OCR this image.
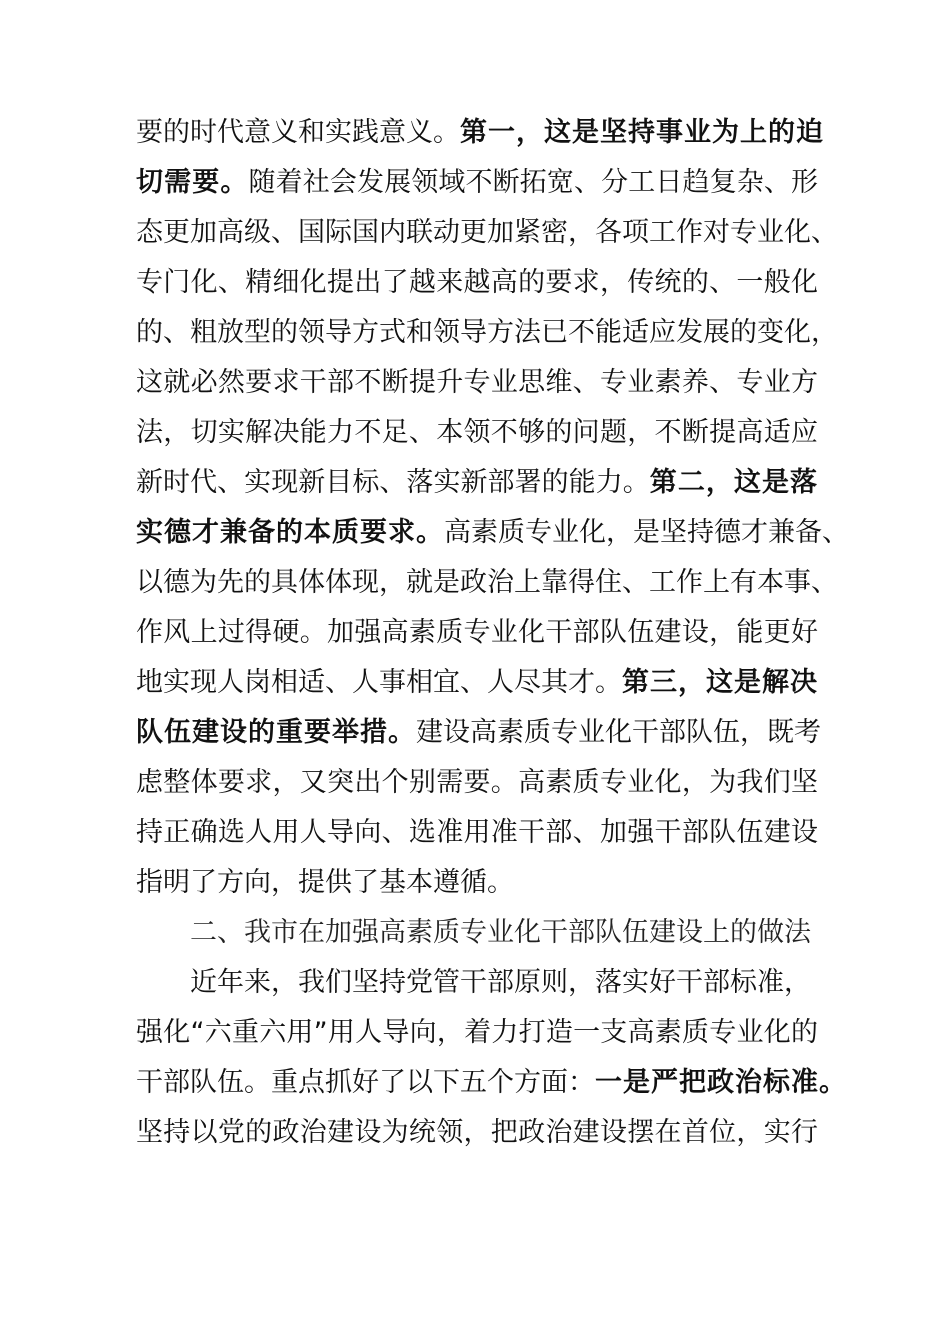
要的时代意义和实践意义。第一，这是坚持事业为上的迫
切需要。随着社会发展领域不断拓宽、分工日趋复杂、形
态更加高级、国际国内联动更加紧密，各项工作对专业化、
专门化、精细化提出了越来越高的要求，传统的、一般化
的、粗放型的领导方式和领导方法已不能适应发展的变化，
这就必然要求干部不断提升专业思维、专业素养、专业方
法，切实解决能力不足、本领不够的问题，不断提高适应
新时代、实现新目标、落实新部署的能力。第二，这是落
实德才兼备的本质要求。高素质专业化，是坚持德才兼备、
以德为先的具体体现，就是政治上靠得住、工作上有本事、
作风上过得硬。加强高素质专业化干部队伍建设，能更好
地实现人岗相适、人事相宜、人尽其才。第三，这是解决
队伍建设的重要举措。建设高素质专业化干部队伍，既考
虑整体要求，又突出个别需要。高素质专业化，为我们坚
持正确选人用人导向、选准用准干部、加强干部队伍建设
指明了方向，提供了基本遵循。
二、我市在加强高素质专业化干部队伍建设上的做法
近年来，我们坚持党管干部原则，落实好干部标准，
强化“六重六用”用人导向，着力打造一支高素质专业化的
干部队伍。重点抓好了以下五个方面：一是严把政治标准。
坚持以党的政治建设为统领，把政治建设摆在首位，实行
